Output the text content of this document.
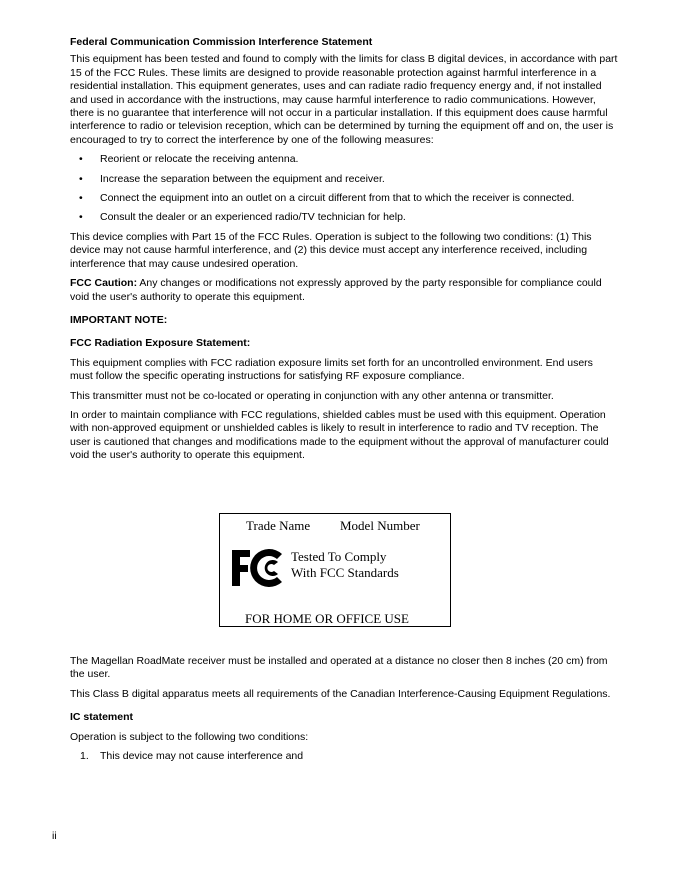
Federal Communication Commission Interference Statement
This equipment has been tested and found to comply with the limits for class B digital devices, in accordance with part 15 of the FCC Rules. These limits are designed to provide reasonable protection against harmful interference in a residential installation. This equipment generates, uses and can radiate radio frequency energy and, if not installed and used in accordance with the instructions, may cause harmful interference to radio communications. However, there is no guarantee that interference will not occur in a particular installation. If this equipment does cause harmful interference to radio or television reception, which can be determined by turning the equipment off and on, the user is encouraged to try to correct the interference by one of the following measures:
• Reorient or relocate the receiving antenna.
• Increase the separation between the equipment and receiver.
• Connect the equipment into an outlet on a circuit different from that to which the receiver is connected.
• Consult the dealer or an experienced radio/TV technician for help.
This device complies with Part 15 of the FCC Rules. Operation is subject to the following two conditions: (1) This device may not cause harmful interference, and (2) this device must accept any interference received, including interference that may cause undesired operation.
FCC Caution: Any changes or modifications not expressly approved by the party responsible for compliance could void the user's authority to operate this equipment.
IMPORTANT NOTE:
FCC Radiation Exposure Statement:
This equipment complies with FCC radiation exposure limits set forth for an uncontrolled environment. End users must follow the specific operating instructions for satisfying RF exposure compliance.
This transmitter must not be co-located or operating in conjunction with any other antenna or transmitter.
In order to maintain compliance with FCC regulations, shielded cables must be used with this equipment. Operation with non-approved equipment or unshielded cables is likely to result in interference to radio and TV reception. The user is cautioned that changes and modifications made to the equipment without the approval of manufacturer could void the user's authority to operate this equipment.
Trade Name Model Number
Tested To Comply
With FCC Standards
FOR HOME OR OFFICE USE
The Magellan RoadMate receiver must be installed and operated at a distance no closer then 8 inches (20 cm) from the user.
This Class B digital apparatus meets all requirements of the Canadian Interference-Causing Equipment Regulations.
IC statement
Operation is subject to the following two conditions:
1. This device may not cause interference and
ii
